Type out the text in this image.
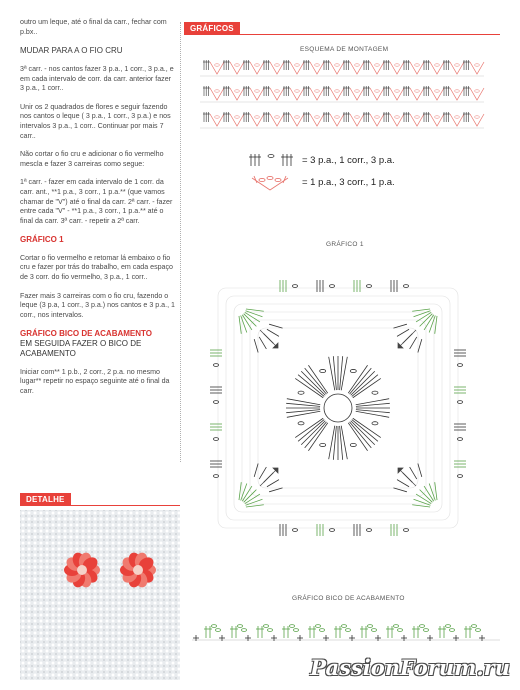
outro um leque, até o final da carr., fechar com p.bx..

MUDAR PARA A O FIO CRU

3ª carr. - nos cantos fazer 3 p.a., 1 corr., 3 p.a., e em cada intervalo de corr. da carr. anterior fazer 3 p.a., 1 corr..

Unir os 2 quadrados de flores e seguir fazendo nos cantos o leque ( 3 p.a., 1 corr., 3 p.a.) e nos intervalos 3 p.a., 1 corr.. Continuar por mais 7 carr..

Não cortar o fio cru e adicionar o fio vermelho mescla e fazer 3 carreiras como segue:

1ª carr. - fazer em cada intervalo de 1 corr. da carr. ant., **1 p.a., 3 corr., 1 p.a.** (que vamos chamar de "V") até o final da carr. 2ª carr. - fazer entre cada "V" - **1 p.a., 3 corr., 1 p.a.** até o final da carr. 3ª carr. - repetir a 2ª carr.

GRÁFICO 1

Cortar o fio vermelho e retomar lá embaixo o fio cru e fazer por trás do trabalho, em cada espaço de 3 corr. do fio vermelho, 3 p.a., 1 corr..

Fazer mais 3 carreiras com o fio cru, fazendo o leque (3 p.a, 1 corr., 3 p.a.) nos cantos e 3 p.a., 1 corr., nos intervalos.

GRÁFICO BICO DE ACABAMENTO

EM SEGUIDA FAZER O BICO DE ACABAMENTO

Iniciar com** 1 p.b., 2 corr., 2 p.a. no mesmo lugar** repetir no espaço seguinte até o final da carr.

GRÁFICOS
ESQUEMA DE MONTAGEM
= 3 p.a., 1 corr., 3 p.a.
= 1 p.a., 3 corr., 1 p.a.
GRÁFICO 1
DETALHE
GRÁFICO BICO DE ACABAMENTO
PassionForum.ru
